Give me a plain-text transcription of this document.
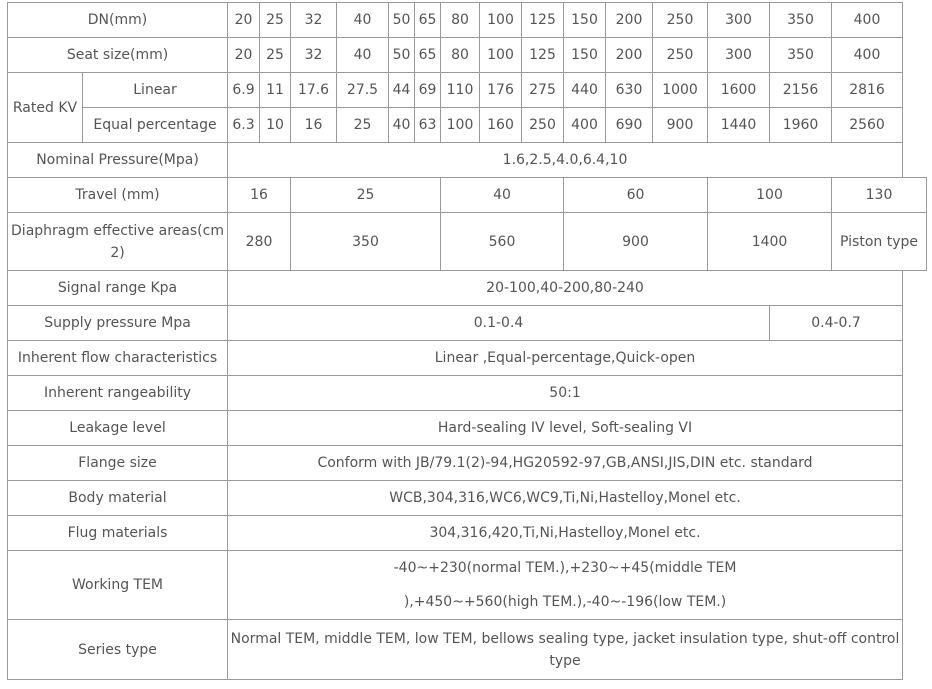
DN(mm)		20	25	32	40	50	65	80	100	125	150	200	250	300	350	400
Seat size(mm)		20	25	32	40	50	65	80	100	125	150	200	250	300	350	400
Rated KV	Linear	6.9	11	17.6	27.5	44	69	110	176	275	440	630	1000	1600	2156	2816
	Equal percentage	6.3	10	16	25	40	63	100	160	250	400	690	900	1440	1960	2560
Nominal Pressure(Mpa)		1.6,2.5,4.0,6.4,10														
Travel (mm)		16		25				40			60			100		130
Diaphragm effective areas(cm 2)		280		350				560			900			1400		Piston type
Signal range Kpa		20-100,40-200,80-240														
Supply pressure Mpa		0.1-0.4													0.4-0.7	
Inherent flow characteristics		Linear ,Equal-percentage,Quick-open														
Inherent rangeability		50:1														
Leakage level		Hard-sealing IV level, Soft-sealing VI														
Flange size		Conform with JB/79.1(2)-94,HG20592-97,GB,ANSI,JIS,DIN etc. standard														
Body material		WCB,304,316,WC6,WC9,Ti,Ni,Hastelloy,Monel etc.														
Flug materials		304,316,420,Ti,Ni,Hastelloy,Monel etc.														
Working TEM		-40~+230(normal TEM.),+230~+45(middle TEM
),+450~+560(high TEM.),-40~-196(low TEM.)														

Series type		Normal TEM, middle TEM, low TEM, bellows sealing type, jacket insulation type, shut-off control type														
